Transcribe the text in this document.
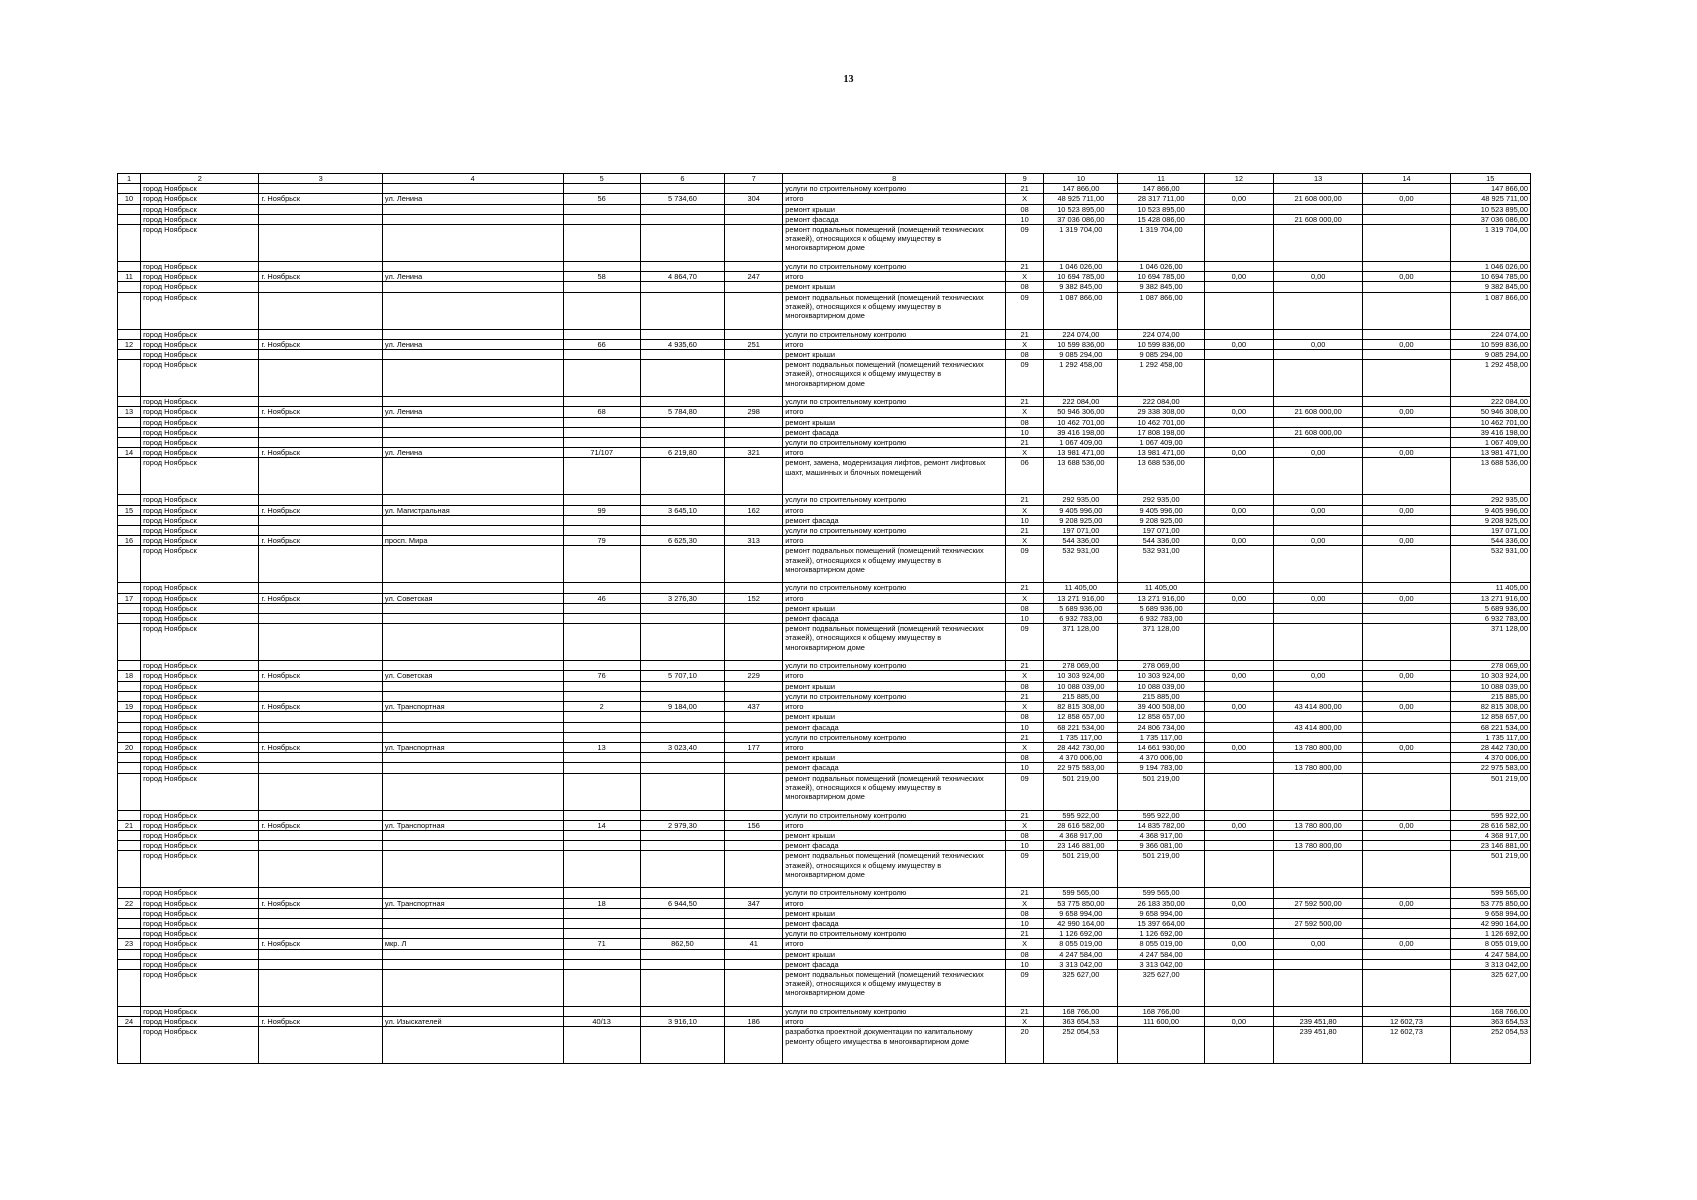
13
1	2	3	4	5	6	7	8	9	10	11	12	13	14	15
	город Ноябрьск						услуги по строительному контролю	21	147 866,00	147 866,00				147 866,00
10	город Ноябрьск	г. Ноябрьск	ул. Ленина	56	5 734,60	304	итого	X	48 925 711,00	28 317 711,00	0,00	21 608 000,00	0,00	48 925 711,00
	город Ноябрьск						ремонт крыши	08	10 523 895,00	10 523 895,00				10 523 895,00
	город Ноябрьск						ремонт фасада	10	37 036 086,00	15 428 086,00		21 608 000,00		37 036 086,00
	город Ноябрьск						ремонт подвальных помещений (помещений технических этажей), относящихся к общему имуществу в многоквартирном доме	09	1 319 704,00	1 319 704,00				1 319 704,00
	город Ноябрьск						услуги по строительному контролю	21	1 046 026,00	1 046 026,00				1 046 026,00
11	город Ноябрьск	г. Ноябрьск	ул. Ленина	58	4 864,70	247	итого	X	10 694 785,00	10 694 785,00	0,00	0,00	0,00	10 694 785,00
	город Ноябрьск						ремонт крыши	08	9 382 845,00	9 382 845,00				9 382 845,00
	город Ноябрьск						ремонт подвальных помещений (помещений технических этажей), относящихся к общему имуществу в многоквартирном доме	09	1 087 866,00	1 087 866,00				1 087 866,00
	город Ноябрьск						услуги по строительному контролю	21	224 074,00	224 074,00				224 074,00
12	город Ноябрьск	г. Ноябрьск	ул. Ленина	66	4 935,60	251	итого	X	10 599 836,00	10 599 836,00	0,00	0,00	0,00	10 599 836,00
	город Ноябрьск						ремонт крыши	08	9 085 294,00	9 085 294,00				9 085 294,00
	город Ноябрьск						ремонт подвальных помещений (помещений технических этажей), относящихся к общему имуществу в многоквартирном доме	09	1 292 458,00	1 292 458,00				1 292 458,00
	город Ноябрьск						услуги по строительному контролю	21	222 084,00	222 084,00				222 084,00
13	город Ноябрьск	г. Ноябрьск	ул. Ленина	68	5 784,80	298	итого	X	50 946 306,00	29 338 308,00	0,00	21 608 000,00	0,00	50 946 308,00
	город Ноябрьск						ремонт крыши	08	10 462 701,00	10 462 701,00				10 462 701,00
	город Ноябрьск						ремонт фасада	10	39 416 198,00	17 808 198,00		21 608 000,00		39 416 198,00
	город Ноябрьск						услуги по строительному контролю	21	1 067 409,00	1 067 409,00				1 067 409,00
14	город Ноябрьск	г. Ноябрьск	ул. Ленина	71/107	6 219,80	321	итого	X	13 981 471,00	13 981 471,00	0,00	0,00	0,00	13 981 471,00
	город Ноябрьск						ремонт, замена, модернизация лифтов, ремонт лифтовых шахт, машинных и блочных помещений	06	13 688 536,00	13 688 536,00				13 688 536,00
	город Ноябрьск						услуги по строительному контролю	21	292 935,00	292 935,00				292 935,00
15	город Ноябрьск	г. Ноябрьск	ул. Магистральная	99	3 645,10	162	итого	X	9 405 996,00	9 405 996,00	0,00	0,00	0,00	9 405 996,00
	город Ноябрьск						ремонт фасада	10	9 208 925,00	9 208 925,00				9 208 925,00
	город Ноябрьск						услуги по строительному контролю	21	197 071,00	197 071,00				197 071,00
16	город Ноябрьск	г. Ноябрьск	просп. Мира	79	6 625,30	313	итого	X	544 336,00	544 336,00	0,00	0,00	0,00	544 336,00
	город Ноябрьск						ремонт подвальных помещений (помещений технических этажей), относящихся к общему имуществу в многоквартирном доме	09	532 931,00	532 931,00				532 931,00
	город Ноябрьск						услуги по строительному контролю	21	11 405,00	11 405,00				11 405,00
17	город Ноябрьск	г. Ноябрьск	ул. Советская	46	3 276,30	152	итого	X	13 271 916,00	13 271 916,00	0,00	0,00	0,00	13 271 916,00
	город Ноябрьск						ремонт крыши	08	5 689 936,00	5 689 936,00				5 689 936,00
	город Ноябрьск						ремонт фасада	10	6 932 783,00	6 932 783,00				6 932 783,00
	город Ноябрьск						ремонт подвальных помещений (помещений технических этажей), относящихся к общему имуществу в многоквартирном доме	09	371 128,00	371 128,00				371 128,00
	город Ноябрьск						услуги по строительному контролю	21	278 069,00	278 069,00				278 069,00
18	город Ноябрьск	г. Ноябрьск	ул. Советская	76	5 707,10	229	итого	X	10 303 924,00	10 303 924,00	0,00	0,00	0,00	10 303 924,00
	город Ноябрьск						ремонт крыши	08	10 088 039,00	10 088 039,00				10 088 039,00
	город Ноябрьск						услуги по строительному контролю	21	215 885,00	215 885,00				215 885,00
19	город Ноябрьск	г. Ноябрьск	ул. Транспортная	2	9 184,00	437	итого	X	82 815 308,00	39 400 508,00	0,00	43 414 800,00	0,00	82 815 308,00
	город Ноябрьск						ремонт крыши	08	12 858 657,00	12 858 657,00				12 858 657,00
	город Ноябрьск						ремонт фасада	10	68 221 534,00	24 806 734,00		43 414 800,00		68 221 534,00
	город Ноябрьск						услуги по строительному контролю	21	1 735 117,00	1 735 117,00				1 735 117,00
20	город Ноябрьск	г. Ноябрьск	ул. Транспортная	13	3 023,40	177	итого	X	28 442 730,00	14 661 930,00	0,00	13 780 800,00	0,00	28 442 730,00
	город Ноябрьск						ремонт крыши	08	4 370 006,00	4 370 006,00				4 370 006,00
	город Ноябрьск						ремонт фасада	10	22 975 583,00	9 194 783,00		13 780 800,00		22 975 583,00
	город Ноябрьск						ремонт подвальных помещений (помещений технических этажей), относящихся к общему имуществу в многоквартирном доме	09	501 219,00	501 219,00				501 219,00
	город Ноябрьск						услуги по строительному контролю	21	595 922,00	595 922,00				595 922,00
21	город Ноябрьск	г. Ноябрьск	ул. Транспортная	14	2 979,30	156	итого	X	28 616 582,00	14 835 782,00	0,00	13 780 800,00	0,00	28 616 582,00
	город Ноябрьск						ремонт крыши	08	4 368 917,00	4 368 917,00				4 368 917,00
	город Ноябрьск						ремонт фасада	10	23 146 881,00	9 366 081,00		13 780 800,00		23 146 881,00
	город Ноябрьск						ремонт подвальных помещений (помещений технических этажей), относящихся к общему имуществу в многоквартирном доме	09	501 219,00	501 219,00				501 219,00
	город Ноябрьск						услуги по строительному контролю	21	599 565,00	599 565,00				599 565,00
22	город Ноябрьск	г. Ноябрьск	ул. Транспортная	18	6 944,50	347	итого	X	53 775 850,00	26 183 350,00	0,00	27 592 500,00	0,00	53 775 850,00
	город Ноябрьск						ремонт крыши	08	9 658 994,00	9 658 994,00				9 658 994,00
	город Ноябрьск						ремонт фасада	10	42 990 164,00	15 397 664,00		27 592 500,00		42 990 164,00
	город Ноябрьск						услуги по строительному контролю	21	1 126 692,00	1 126 692,00				1 126 692,00
23	город Ноябрьск	г. Ноябрьск	мкр. Л	71	862,50	41	итого	X	8 055 019,00	8 055 019,00	0,00	0,00	0,00	8 055 019,00
	город Ноябрьск						ремонт крыши	08	4 247 584,00	4 247 584,00				4 247 584,00
	город Ноябрьск						ремонт фасада	10	3 313 042,00	3 313 042,00				3 313 042,00
	город Ноябрьск						ремонт подвальных помещений (помещений технических этажей), относящихся к общему имуществу в многоквартирном доме	09	325 627,00	325 627,00				325 627,00
	город Ноябрьск						услуги по строительному контролю	21	168 766,00	168 766,00				168 766,00
24	город Ноябрьск	г. Ноябрьск	ул. Изыскателей	40/13	3 916,10	186	итого	X	363 654,53	111 600,00	0,00	239 451,80	12 602,73	363 654,53
	город Ноябрьск						разработка проектной документации по капитальному ремонту общего имущества в многоквартирном доме	20	252 054,53			239 451,80	12 602,73	252 054,53
